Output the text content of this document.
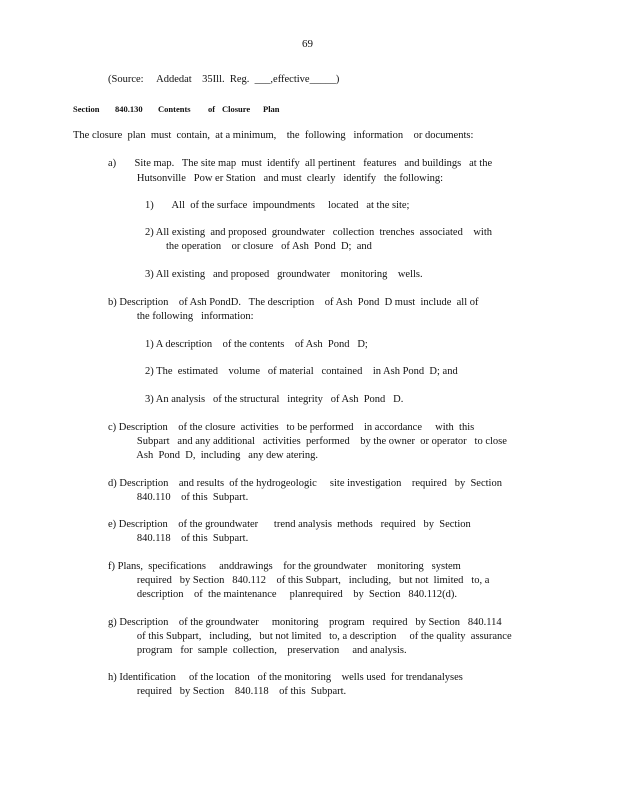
69
(Source:     Addedat    35Ill.  Reg.  ___,effective_____)
Section 840.130 Contents of Closure Plan
The closure  plan  must  contain,  at a minimum,    the  following   information    or documents:
a)       Site map.   The site map  must  identify  all pertinent   features   and buildings   at the
Hutsonville   Pow er Station   and must  clearly   identify   the following:
1)       All  of the surface  impoundments     located   at the site;
2) All existing  and proposed  groundwater   collection  trenches  associated    with
the operation    or closure   of Ash  Pond  D;  and
3) All existing   and proposed   groundwater    monitoring    wells.
b) Description    of Ash PondD.   The description    of Ash  Pond  D must  include  all of
the following   information:
1) A description    of the contents    of Ash  Pond   D;
2) The  estimated    volume   of material   contained    in Ash Pond  D; and
3) An analysis   of the structural   integrity   of Ash  Pond   D.
c) Description    of the closure  activities   to be performed    in accordance     with  this
Subpart   and any additional   activities  performed    by the owner  or operator   to close
Ash  Pond  D,  including   any dew atering.
d) Description    and results  of the hydrogeologic     site investigation    required   by  Section
840.110    of this  Subpart.
e) Description    of the groundwater      trend analysis  methods   required   by  Section
840.118    of this  Subpart.
f) Plans,  specifications     anddrawings    for the groundwater    monitoring   system
required   by Section   840.112    of this Subpart,   including,   but not  limited   to, a
description    of  the maintenance     planrequired    by  Section   840.112(d).
g) Description    of the groundwater     monitoring    program   required   by Section   840.114
of this Subpart,   including,   but not limited   to, a description     of the quality  assurance
program   for  sample  collection,    preservation     and analysis.
h) Identification     of the location   of the monitoring    wells used  for trendanalyses
required   by Section    840.118    of this  Subpart.
